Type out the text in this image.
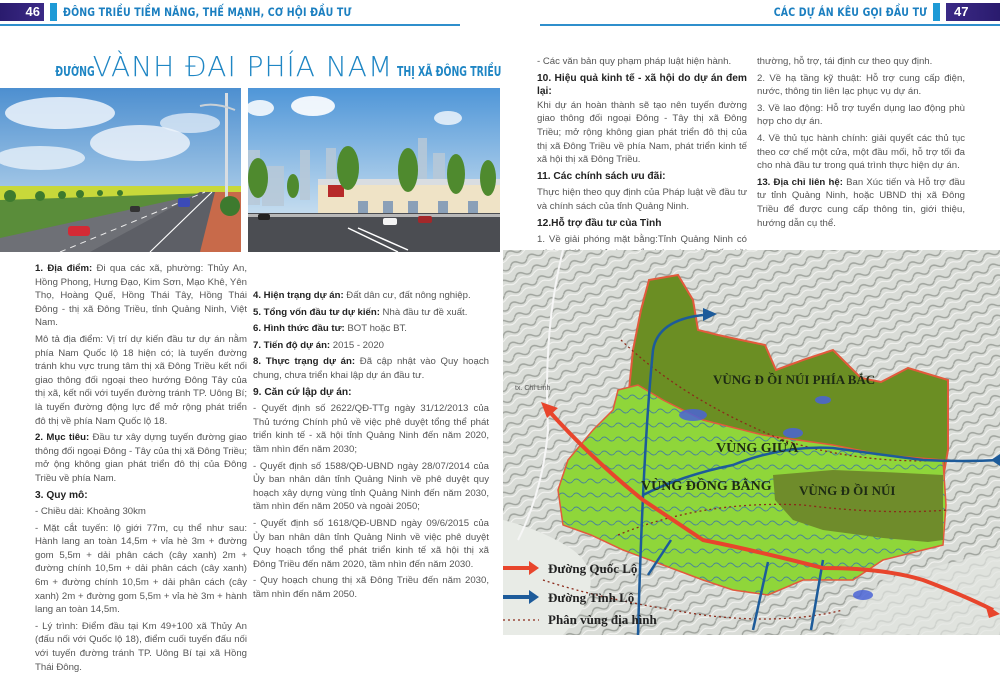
46	ĐÔNG TRIỀU TIỀM NĂNG, THẾ MẠNH, CƠ HỘI ĐẦU TƯ	CÁC DỰ ÁN KÊU GỌI ĐẦU TƯ	47
ĐƯỜNG
VÀNH ĐAI PHÍA NAM THỊ XÃ ĐÔNG TRIỀU

1. Địa điểm: Đi qua các xã, phường: Thủy An, Hồng Phong, Hưng Đạo, Kim Sơn, Mạo Khê, Yên Thọ, Hoàng Quế, Hồng Thái Tây, Hồng Thái Đông - thị xã Đông Triều, tỉnh Quảng Ninh, Việt Nam.

Mô tả địa điểm: Vị trí dự kiến đầu tư dự án nằm phía Nam Quốc lộ 18 hiện có; là tuyến đường tránh khu vực trung tâm thị xã Đông Triều kết nối giao thông đối ngoại theo hướng Đông Tây của thị xã, kết nối với tuyến đường tránh TP. Uông Bí; là tuyến đường động lực để mở rộng phát triển đô thị về phía Nam Quốc lộ 18.

2. Mục tiêu: Đầu tư xây dựng tuyến đường giao thông đối ngoại Đông - Tây của thị xã Đông Triều; mở ộng không gian phát triển đô thị của Đông Triều về phía Nam.

3. Quy mô:

- Chiều dài: Khoảng 30km

- Mặt cắt tuyến: lộ giới 77m, cụ thể như sau: Hành lang an toàn 14,5m + vỉa hè 3m + đường gom 5,5m + dải phân cách (cây xanh) 2m + đường chính 10,5m + dải phân cách (cây xanh) 6m + đường chính 10,5m + dải phân cách (cây xanh) 2m + đường gom 5,5m + vỉa hè 3m + hành lang an toàn 14,5m.

- Lý trình: Điểm đầu tại Km 49+100 xã Thủy An (đấu nối với Quốc lộ 18), điểm cuối tuyến đấu nối với tuyến đường tránh TP. Uông Bí tại xã Hồng Thái Đông.

4. Hiện trạng dự án: Đất dân cư, đất nông nghiệp.

5. Tổng vốn đầu tư dự kiến: Nhà đầu tư đề xuất.

6. Hình thức đầu tư: BOT hoặc BT.

7. Tiến độ dự án: 2015 - 2020

8. Thực trạng dự án: Đã cập nhật vào Quy hoạch chung, chưa triển khai lập dự án đầu tư.

9. Căn cứ lập dự án:

- Quyết định số 2622/QĐ-TTg ngày 31/12/2013 của Thủ tướng Chính phủ về việc phê duyệt tổng thể phát triển kinh tế - xã hội tỉnh Quảng Ninh đến năm 2020, tầm nhìn đến năm 2030;

- Quyết định số 1588/QĐ-UBND ngày 28/07/2014 của Ủy ban nhân dân tỉnh Quảng Ninh về phê duyệt quy hoạch xây dựng vùng tỉnh Quảng Ninh đến năm 2030, tầm nhìn đến năm 2050 và ngoài 2050;

- Quyết định số 1618/QĐ-UBND ngày 09/6/2015 của Ủy ban nhân dân tỉnh Quảng Ninh về việc phê duyệt Quy hoạch tổng thể phát triển kinh tế xã hội thị xã Đông Triều đến năm 2020, tầm nhìn đến năm 2030.

- Quy hoạch chung thị xã Đông Triều đến năm 2030, tầm nhìn đến năm 2050.

- Các văn bản quy phạm pháp luật hiện hành.

10. Hiệu quả kinh tế - xã hội do dự án đem lại:

Khi dự án hoàn thành sẽ tạo nên tuyến đường giao thông đối ngoại Đông - Tây thị xã Đông Triều; mở rộng không gian phát triển đô thị của thị xã Đông Triều về phía Nam, phát triển kinh tế xã hội thị xã Đông Triều.

11. Các chính sách ưu đãi:

Thực hiện theo quy định của Pháp luật về đầu tư và chính sách của tỉnh Quảng Ninh.

12.Hỗ trợ đầu tư của Tỉnh

1. Về giải phóng mặt bằng:Tỉnh Quảng Ninh có

thường, hỗ trợ, tái định cư theo quy định.

2. Về hạ tầng kỹ thuật: Hỗ trợ cung cấp điện, nước, thông tin liên lạc phục vụ dự án.

3. Về lao động: Hỗ trợ tuyển dụng lao động phù hợp cho dự án.

4. Về thủ tục hành chính: giải quyết các thủ tục theo cơ chế một cửa, một đầu mối, hỗ trợ tối đa cho nhà đầu tư trong quá trình thực hiện dự án.

13. Địa chỉ liên hệ: Ban Xúc tiến và Hỗ trợ đầu tư tỉnh Quảng Ninh, hoặc UBND thị xã Đông Triều để được cung cấp thông tin, giới thiệu, hướng dẫn cụ thể.

VÙNG Đ ỒI NÚI PHÍA BẮC
VÙNG GIỮA
VÙNG ĐỒNG BẰNG VÙNG Đ ỒI NÚI
tx. Chí Linh
Đường Quốc Lộ
Đường Tỉnh Lộ
Phân vùng địa hình
